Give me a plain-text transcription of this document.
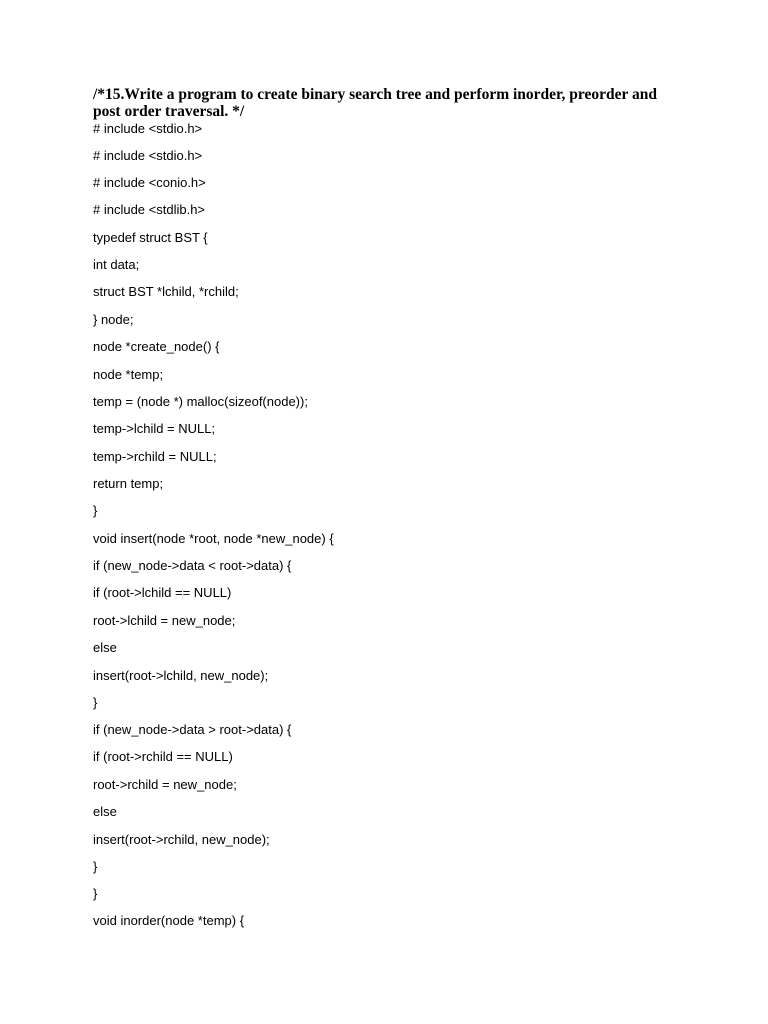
/*15.Write a program to create binary search tree and perform inorder, preorder and
post order traversal. */

# include <stdio.h>

# include <stdio.h>

# include <conio.h>

# include <stdlib.h>

typedef struct BST {

int data;

struct BST *lchild, *rchild;

} node;

node *create_node() {

node *temp;

temp = (node *) malloc(sizeof(node));

temp->lchild = NULL;

temp->rchild = NULL;

return temp;

}

void insert(node *root, node *new_node) {

if (new_node->data < root->data) {

if (root->lchild == NULL)

root->lchild = new_node;

else

insert(root->lchild, new_node);

}

if (new_node->data > root->data) {

if (root->rchild == NULL)

root->rchild = new_node;

else

insert(root->rchild, new_node);

}

}

void inorder(node *temp) {
